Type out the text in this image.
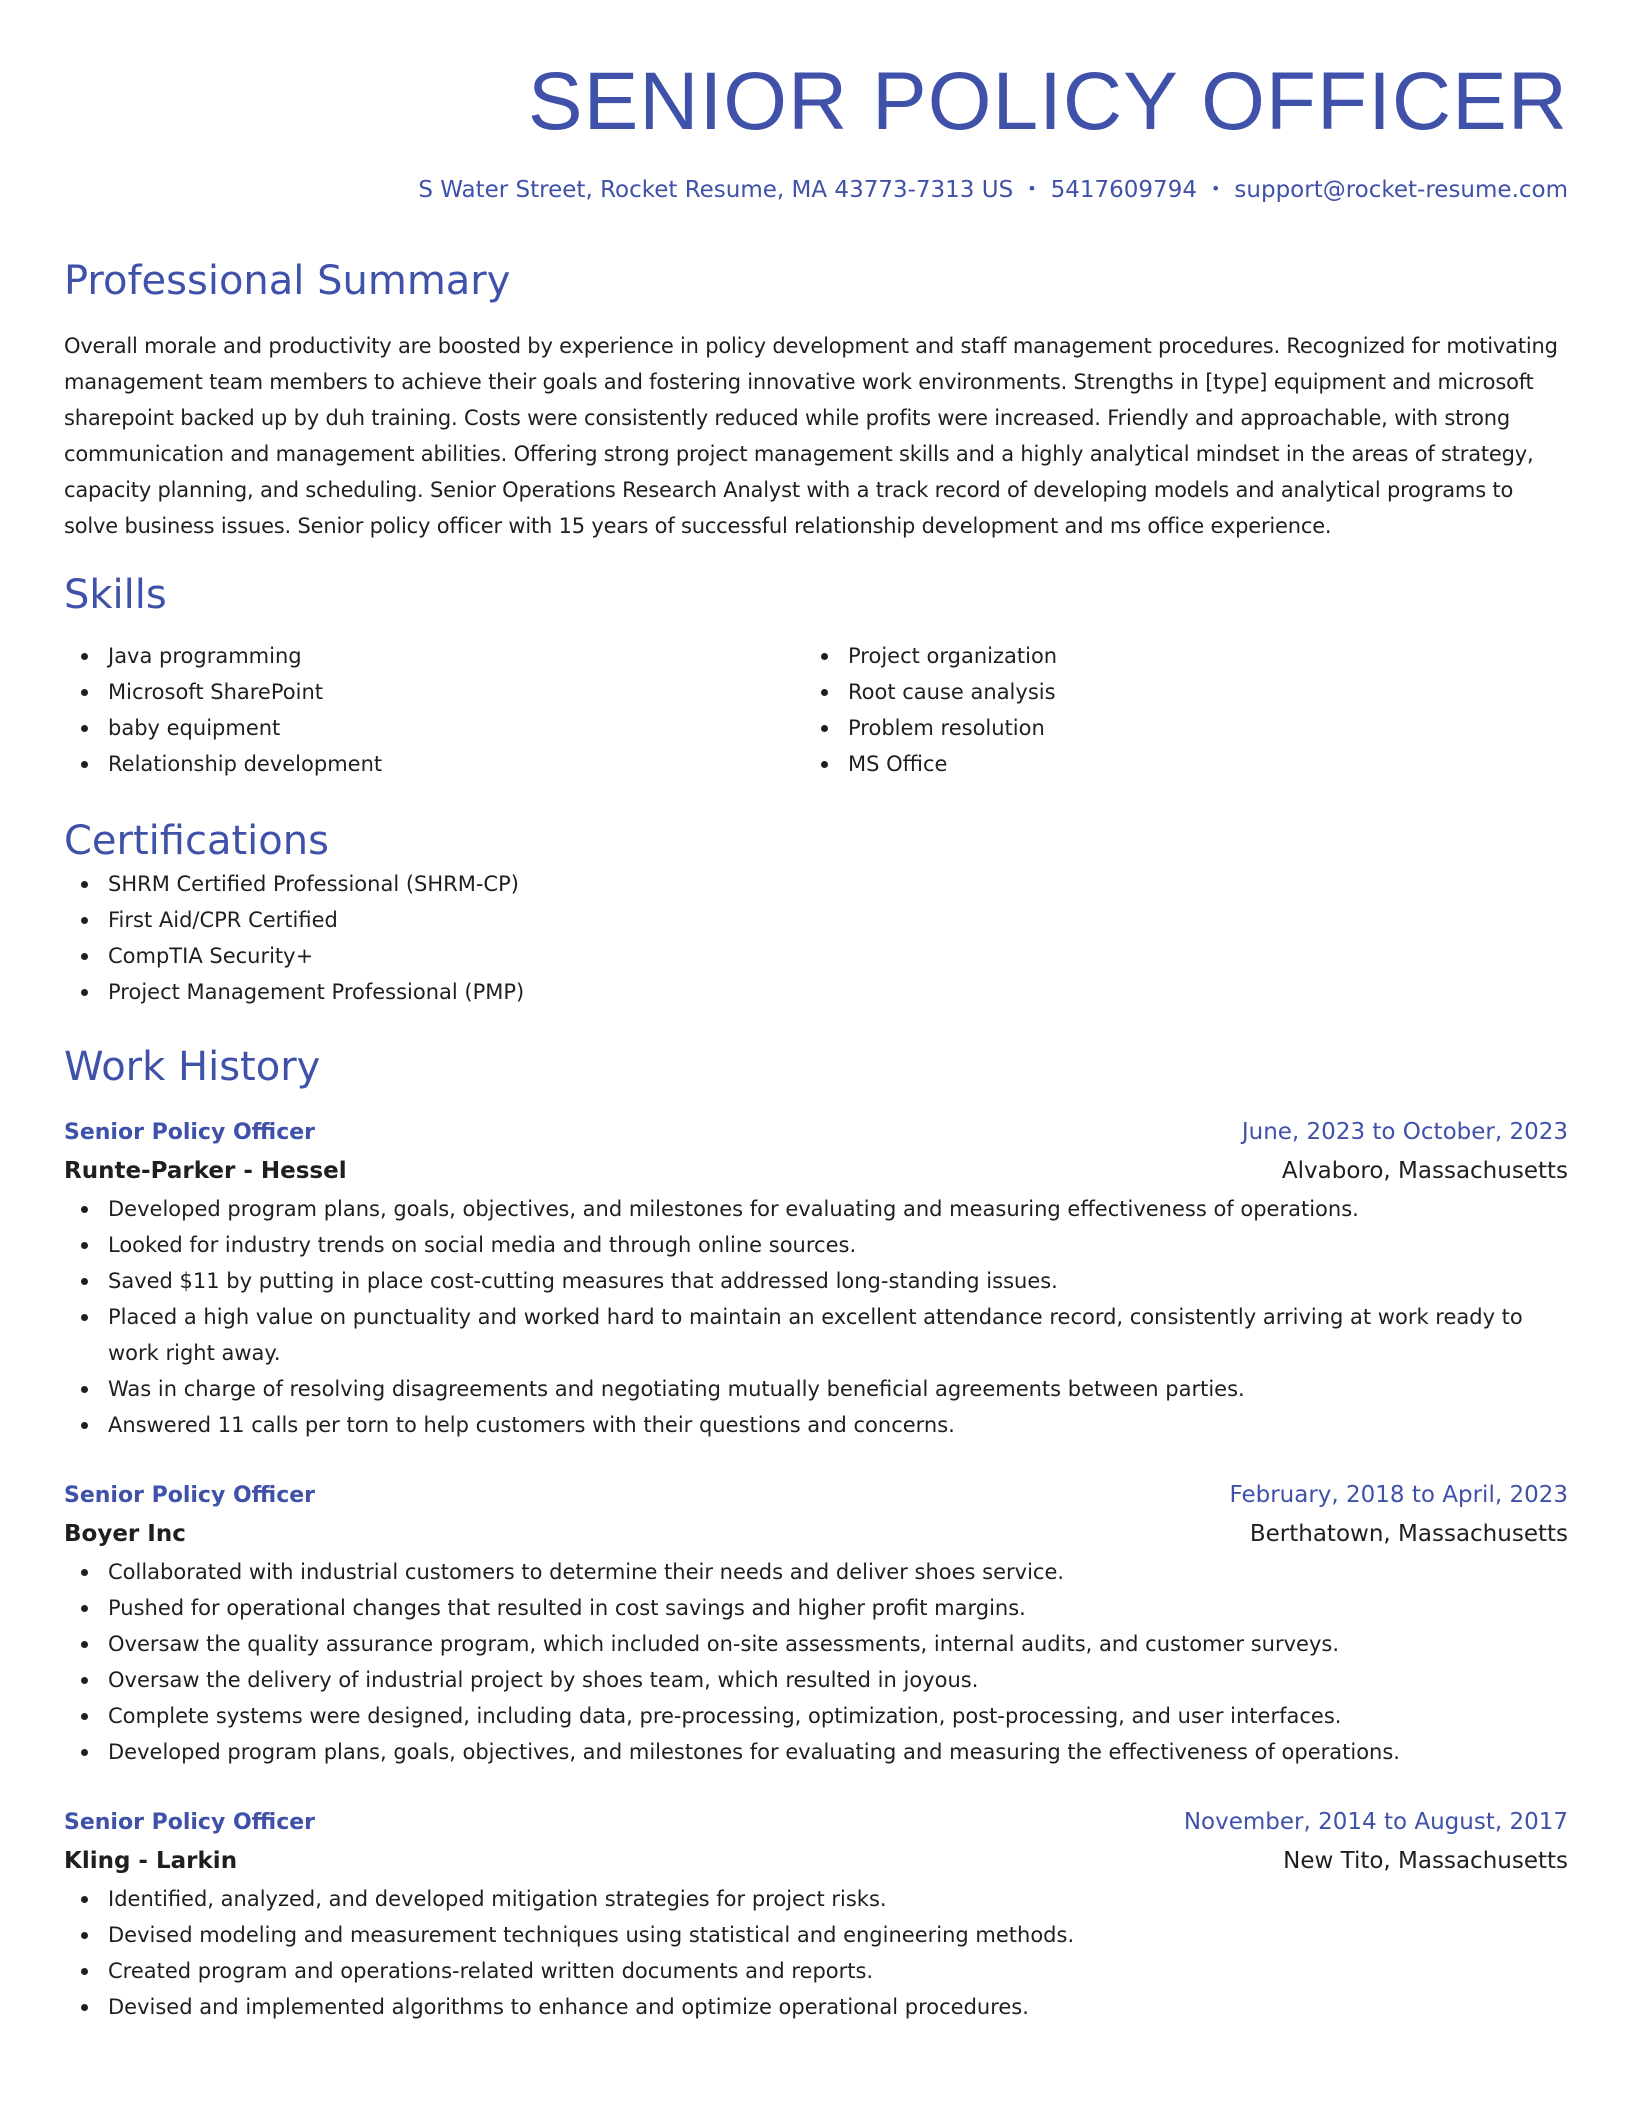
SENIOR POLICY OFFICER
S Water Street, Rocket Resume, MA 43773-7313 US • 5417609794 • support@rocket-resume.com
Professional Summary

Overall morale and productivity are boosted by experience in policy development and staff management procedures. Recognized for motivating management team members to achieve their goals and fostering innovative work environments. Strengths in [type] equipment and microsoft sharepoint backed up by duh training. Costs were consistently reduced while profits were increased. Friendly and approachable, with strong communication and management abilities. Offering strong project management skills and a highly analytical mindset in the areas of strategy, capacity planning, and scheduling. Senior Operations Research Analyst with a track record of developing models and analytical programs to solve business issues. Senior policy officer with 15 years of successful relationship development and ms office experience.

Skills
Java programming
Microsoft SharePoint
baby equipment
Relationship development
Project organization
Root cause analysis
Problem resolution
MS Office
Certifications
SHRM Certified Professional (SHRM-CP)
First Aid/CPR Certified
CompTIA Security+
Project Management Professional (PMP)
Work History
Senior Policy Officer	June, 2023 to October, 2023
Runte-Parker - Hessel	Alvaboro, Massachusetts
Developed program plans, goals, objectives, and milestones for evaluating and measuring effectiveness of operations.
Looked for industry trends on social media and through online sources.
Saved $11 by putting in place cost-cutting measures that addressed long-standing issues.
Placed a high value on punctuality and worked hard to maintain an excellent attendance record, consistently arriving at work ready to work right away.
Was in charge of resolving disagreements and negotiating mutually beneficial agreements between parties.
Answered 11 calls per torn to help customers with their questions and concerns.
Senior Policy Officer	February, 2018 to April, 2023
Boyer Inc	Berthatown, Massachusetts
Collaborated with industrial customers to determine their needs and deliver shoes service.
Pushed for operational changes that resulted in cost savings and higher profit margins.
Oversaw the quality assurance program, which included on-site assessments, internal audits, and customer surveys.
Oversaw the delivery of industrial project by shoes team, which resulted in joyous.
Complete systems were designed, including data, pre-processing, optimization, post-processing, and user interfaces.
Developed program plans, goals, objectives, and milestones for evaluating and measuring the effectiveness of operations.
Senior Policy Officer	November, 2014 to August, 2017
Kling - Larkin	New Tito, Massachusetts
Identified, analyzed, and developed mitigation strategies for project risks.
Devised modeling and measurement techniques using statistical and engineering methods.
Created program and operations-related written documents and reports.
Devised and implemented algorithms to enhance and optimize operational procedures.
